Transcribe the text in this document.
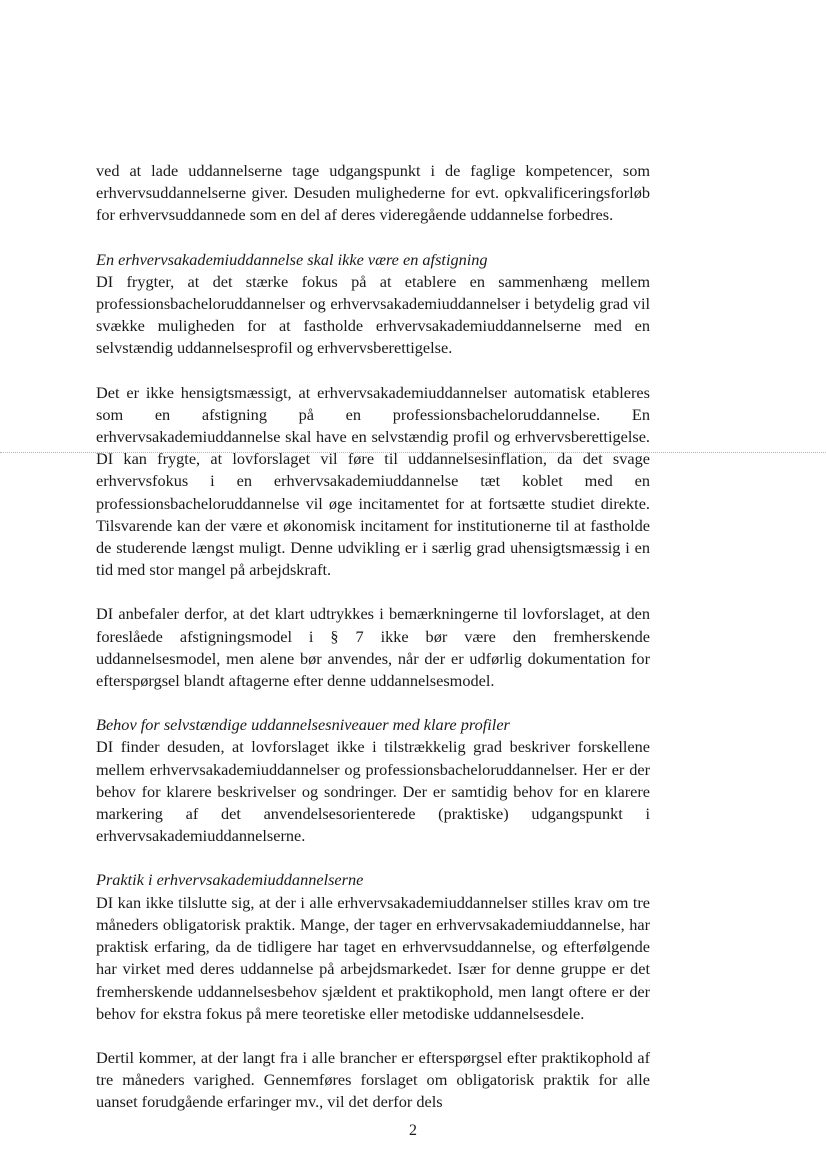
ved at lade uddannelserne tage udgangspunkt i de faglige kompetencer, som erhvervsuddannelserne giver. Desuden mulighederne for evt. opkvalificeringsforløb for erhvervsuddannede som en del af deres videregående uddannelse forbedres.

En erhvervsakademiuddannelse skal ikke være en afstigning

DI frygter, at det stærke fokus på at etablere en sammenhæng mellem professionsbacheloruddannelser og erhvervsakademiuddannelser i betydelig grad vil svække muligheden for at fastholde erhvervsakademiuddannelserne med en selvstændig uddannelsesprofil og erhvervsberettigelse.

Det er ikke hensigtsmæssigt, at erhvervsakademiuddannelser automatisk etableres som en afstigning på en professionsbacheloruddannelse. En erhvervsakademiuddannelse skal have en selvstændig profil og erhvervsberettigelse. DI kan frygte, at lovforslaget vil føre til uddannelsesinflation, da det svage erhvervsfokus i en erhvervsakademiuddannelse tæt koblet med en professionsbacheloruddannelse vil øge incitamentet for at fortsætte studiet direkte. Tilsvarende kan der være et økonomisk incitament for institutionerne til at fastholde de studerende længst muligt. Denne udvikling er i særlig grad uhensigtsmæssig i en tid med stor mangel på arbejdskraft.

DI anbefaler derfor, at det klart udtrykkes i bemærkningerne til lovforslaget, at den foreslåede afstigningsmodel i § 7 ikke bør være den fremherskende uddannelsesmodel, men alene bør anvendes, når der er udførlig dokumentation for efterspørgsel blandt aftagerne efter denne uddannelsesmodel.

Behov for selvstændige uddannelsesniveauer med klare profiler

DI finder desuden, at lovforslaget ikke i tilstrækkelig grad beskriver forskellene mellem erhvervsakademiuddannelser og professionsbacheloruddannelser. Her er der behov for klarere beskrivelser og sondringer. Der er samtidig behov for en klarere markering af det anvendelsesorienterede (praktiske) udgangspunkt i erhvervsakademiuddannelserne.

Praktik i erhvervsakademiuddannelserne

DI kan ikke tilslutte sig, at der i alle erhvervsakademiuddannelser stilles krav om tre måneders obligatorisk praktik. Mange, der tager en erhvervsakademiuddannelse, har praktisk erfaring, da de tidligere har taget en erhvervsuddannelse, og efterfølgende har virket med deres uddannelse på arbejdsmarkedet. Især for denne gruppe er det fremherskende uddannelsesbehov sjældent et praktikophold, men langt oftere er der behov for ekstra fokus på mere teoretiske eller metodiske uddannelsesdele.

Dertil kommer, at der langt fra i alle brancher er efterspørgsel efter praktikophold af tre måneders varighed. Gennemføres forslaget om obligatorisk praktik for alle uanset forudgående erfaringer mv., vil det derfor dels

2
